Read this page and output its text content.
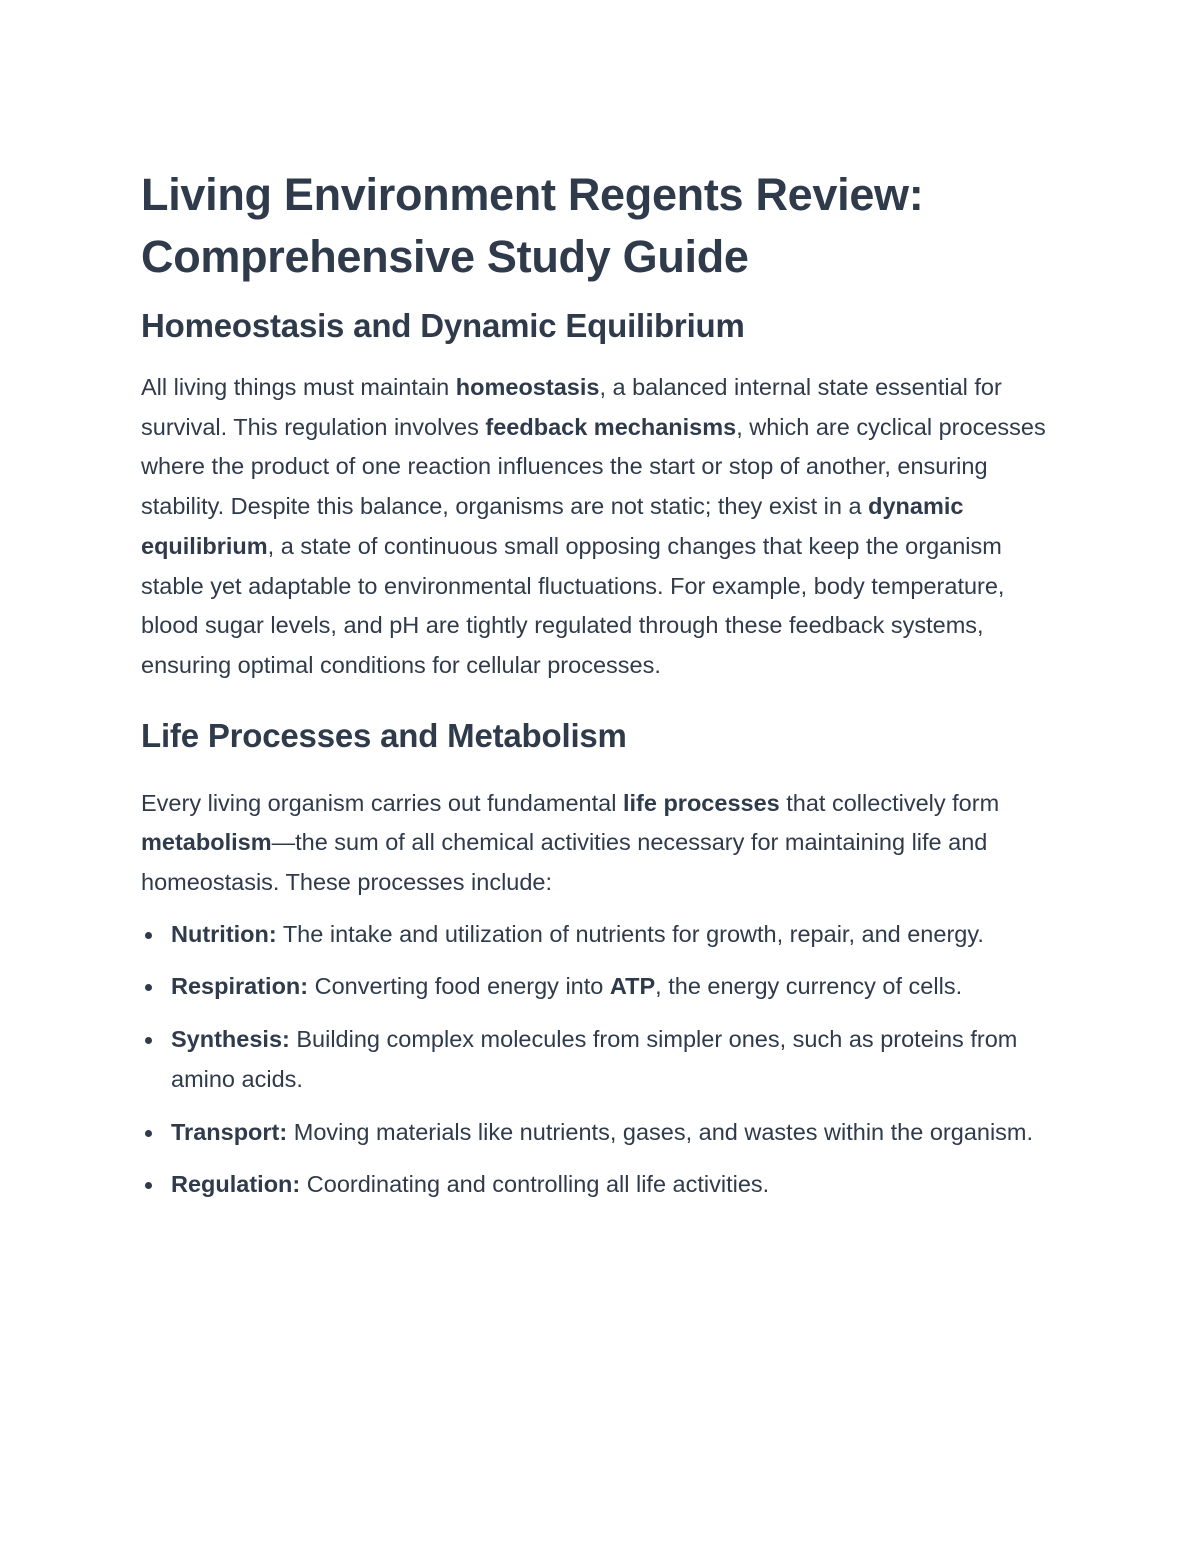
Living Environment Regents Review:
Comprehensive Study Guide
Homeostasis and Dynamic Equilibrium

All living things must maintain homeostasis, a balanced internal state essential for survival. This regulation involves feedback mechanisms, which are cyclical processes where the product of one reaction influences the start or stop of another, ensuring stability. Despite this balance, organisms are not static; they exist in a dynamic equilibrium, a state of continuous small opposing changes that keep the organism stable yet adaptable to environmental fluctuations. For example, body temperature, blood sugar levels, and pH are tightly regulated through these feedback systems, ensuring optimal conditions for cellular processes.

Life Processes and Metabolism

Every living organism carries out fundamental life processes that collectively form metabolism—the sum of all chemical activities necessary for maintaining life and homeostasis. These processes include:

Nutrition: The intake and utilization of nutrients for growth, repair, and energy.
Respiration: Converting food energy into ATP, the energy currency of cells.
Synthesis: Building complex molecules from simpler ones, such as proteins from amino acids.
Transport: Moving materials like nutrients, gases, and wastes within the organism.
Regulation: Coordinating and controlling all life activities.
